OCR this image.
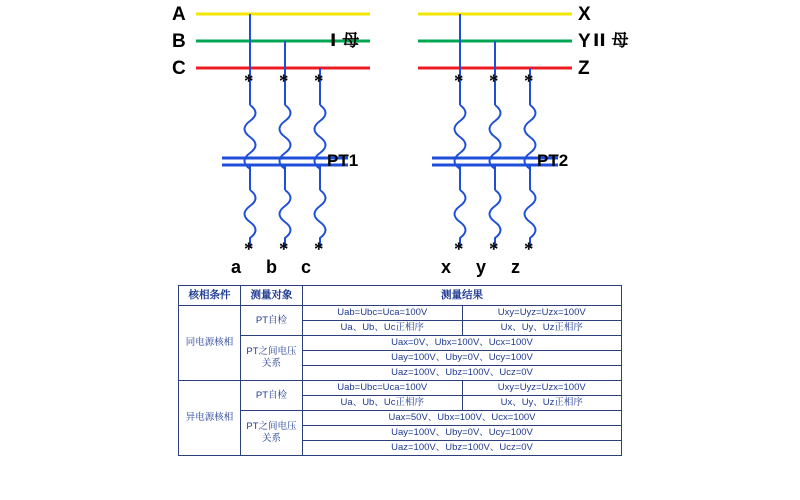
A
B
C
I 母
X
Y
Z
II 母
* * *	* * *
PT1	PT2
* * *	* * *
a b c	x y z
核相条件	测量对象	测量结果	
同电源核相	PT自检	Uab=Ubc=Uca=100V	Uxy=Uyz=Uzx=100V
		Ua、Ub、Uc正相序	Ux、Uy、Uz正相序
	PT之间电压关系	Uax=0V、Ubx=100V、Ucx=100V	
		Uay=100V、Uby=0V、Ucy=100V	
		Uaz=100V、Ubz=100V、Ucz=0V	
异电源核相	PT自检	Uab=Ubc=Uca=100V	Uxy=Uyz=Uzx=100V
		Ua、Ub、Uc正相序	Ux、Uy、Uz正相序
	PT之间电压关系	Uax=50V、Ubx=100V、Ucx=100V	
		Uay=100V、Uby=0V、Ucy=100V	
		Uaz=100V、Ubz=100V、Ucz=0V	
